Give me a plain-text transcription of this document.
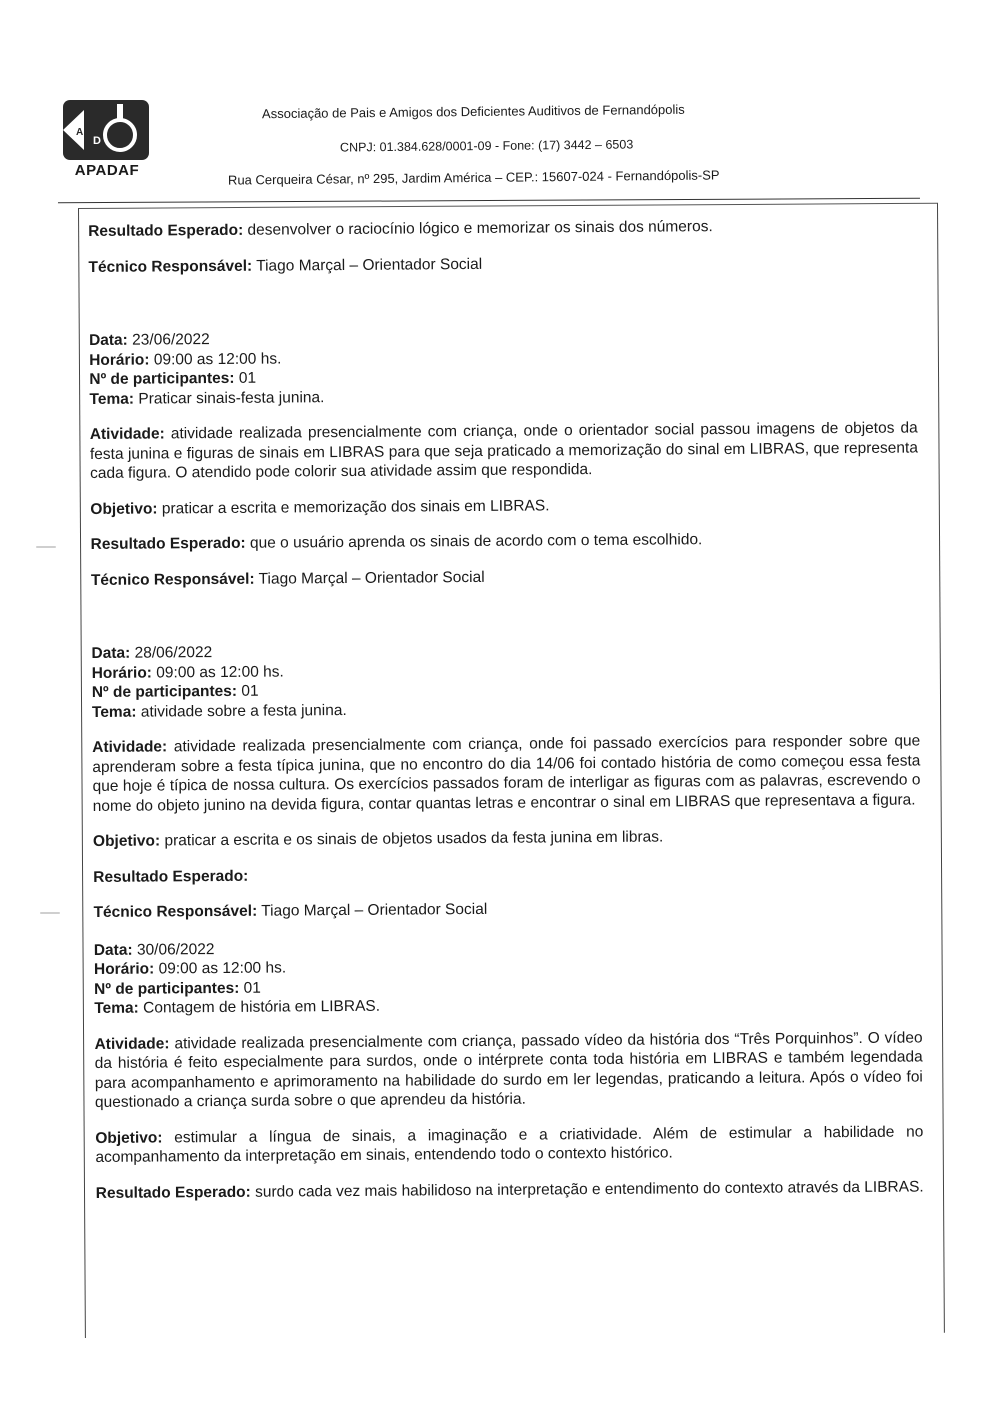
A
D
APADAF
Associação de Pais e Amigos dos Deficientes Auditivos de Fernandópolis
CNPJ: 01.384.628/0001-09 - Fone: (17) 3442 – 6503
Rua Cerqueira César, nº 295, Jardim América – CEP.: 15607-024 - Fernandópolis-SP

Resultado Esperado: desenvolver o raciocínio lógico e memorizar os sinais dos números.

Técnico Responsável: Tiago Marçal – Orientador Social

Data: 23/06/2022

Horário: 09:00 as 12:00 hs.

Nº de participantes: 01

Tema: Praticar sinais-festa junina.

Atividade: atividade realizada presencialmente com criança, onde o orientador social passou imagens de objetos da festa junina e figuras de sinais em LIBRAS para que seja praticado a memorização do sinal em LIBRAS, que representa cada figura. O atendido pode colorir sua atividade assim que respondida.

Objetivo: praticar a escrita e memorização dos sinais em LIBRAS.

Resultado Esperado: que o usuário aprenda os sinais de acordo com o tema escolhido.

Técnico Responsável: Tiago Marçal – Orientador Social

Data: 28/06/2022

Horário: 09:00 as 12:00 hs.

Nº de participantes: 01

Tema: atividade sobre a festa junina.

Atividade: atividade realizada presencialmente com criança, onde foi passado exercícios para responder sobre que aprenderam sobre a festa típica junina, que no encontro do dia 14/06 foi contado história de como começou essa festa que hoje é típica de nossa cultura. Os exercícios passados foram de interligar as figuras com as palavras, escrevendo o nome do objeto junino na devida figura, contar quantas letras e encontrar o sinal em LIBRAS que representava a figura.

Objetivo: praticar a escrita e os sinais de objetos usados da festa junina em libras.

Resultado Esperado:

Técnico Responsável: Tiago Marçal – Orientador Social

Data: 30/06/2022

Horário: 09:00 as 12:00 hs.

Nº de participantes: 01

Tema: Contagem de história em LIBRAS.

Atividade: atividade realizada presencialmente com criança, passado vídeo da história dos “Três Porquinhos”. O vídeo da história é feito especialmente para surdos, onde o intérprete conta toda história em LIBRAS e também legendada para acompanhamento e aprimoramento na habilidade do surdo em ler legendas, praticando a leitura. Após o vídeo foi questionado a criança surda sobre o que aprendeu da história.

Objetivo: estimular a língua de sinais, a imaginação e a criatividade. Além de estimular a habilidade no acompanhamento da interpretação em sinais, entendendo todo o contexto histórico.

Resultado Esperado: surdo cada vez mais habilidoso na interpretação e entendimento do contexto através da LIBRAS.
